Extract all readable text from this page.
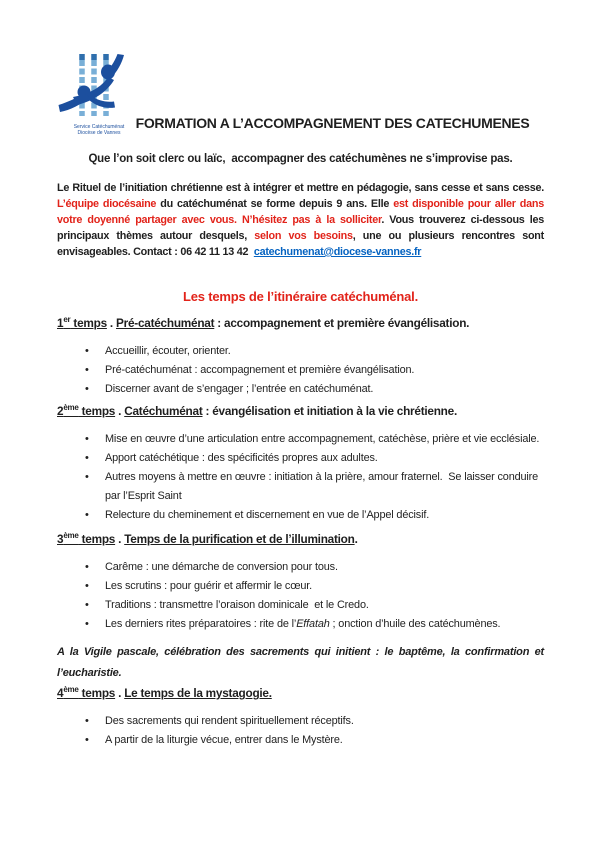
Service Catéchuménat
Diocèse de Vannes
FORMATION A L’ACCOMPAGNEMENT DES CATECHUMENES

Que l’on soit clerc ou laïc,  accompagner des catéchumènes ne s’improvise pas.

Le Rituel de l’initiation chrétienne est à intégrer et mettre en pédagogie, sans cesse et sans cesse. L’équipe diocésaine du catéchuménat se forme depuis 9 ans. Elle est disponible pour aller dans votre doyenné partager avec vous. N’hésitez pas à la solliciter. Vous trouverez ci-dessous les principaux thèmes autour desquels, selon vos besoins, une ou plusieurs rencontres sont envisageables. Contact : 06 42 11 13 42  catechumenat@diocese-vannes.fr

Les temps de l’itinéraire catéchuménal.
1er temps . Pré-catéchuménat : accompagnement et première évangélisation.
• Accueillir, écouter, orienter.
• Pré-catéchuménat : accompagnement et première évangélisation.
• Discerner avant de s’engager ; l’entrée en catéchuménat.
2ème temps . Catéchuménat : évangélisation et initiation à la vie chrétienne.
• Mise en œuvre d’une articulation entre accompagnement, catéchèse, prière et vie ecclésiale.
• Apport catéchétique : des spécificités propres aux adultes.
• Autres moyens à mettre en œuvre : initiation à la prière, amour fraternel.  Se laisser conduire par l’Esprit Saint
• Relecture du cheminement et discernement en vue de l’Appel décisif.
3ème temps . Temps de la purification et de l’illumination.
• Carême : une démarche de conversion pour tous.
• Les scrutins : pour guérir et affermir le cœur.
• Traditions : transmettre l’oraison dominicale  et le Credo.
• Les derniers rites préparatoires : rite de l’Effatah ; onction d’huile des catéchumènes.

A la Vigile pascale, célébration des sacrements qui initient : le baptême, la confirmation et l’eucharistie.

4ème temps . Le temps de la mystagogie.
• Des sacrements qui rendent spirituellement réceptifs.
• A partir de la liturgie vécue, entrer dans le Mystère.
